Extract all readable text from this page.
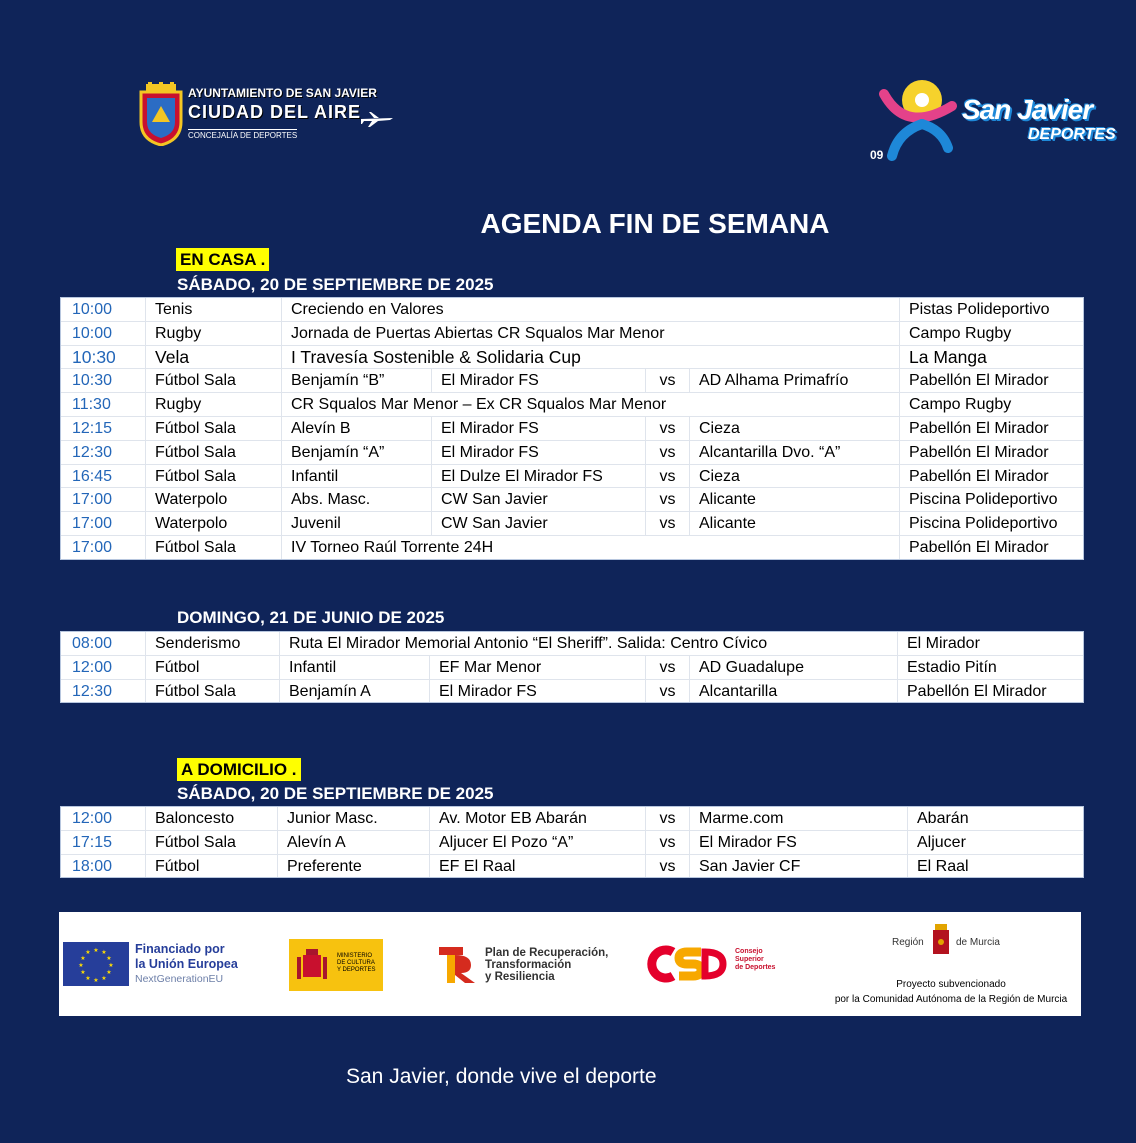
AYUNTAMIENTO DE SAN JAVIER
CIUDAD DEL AIRE
CONCEJALÍA DE DEPORTES
09
San Javier
DEPORTES
AGENDA FIN DE SEMANA
EN CASA .
SÁBADO, 20 DE SEPTIEMBRE DE 2025
10:00	Tenis	Creciendo en Valores	Pistas Polideportivo
10:00	Rugby	Jornada de Puertas Abiertas CR Squalos Mar Menor	Campo Rugby
10:30	Vela	I Travesía Sostenible & Solidaria Cup	La Manga
10:30	Fútbol Sala	Benjamín “B”	El Mirador FS	vs	AD Alhama Primafrío	Pabellón El Mirador
11:30	Rugby	CR Squalos Mar Menor – Ex CR Squalos Mar Menor	Campo Rugby
12:15	Fútbol Sala	Alevín B	El Mirador FS	vs	Cieza	Pabellón El Mirador
12:30	Fútbol Sala	Benjamín “A”	El Mirador FS	vs	Alcantarilla Dvo. “A”	Pabellón El Mirador
16:45	Fútbol Sala	Infantil	El Dulze El Mirador FS	vs	Cieza	Pabellón El Mirador
17:00	Waterpolo	Abs. Masc.	CW San Javier	vs	Alicante	Piscina Polideportivo
17:00	Waterpolo	Juvenil	CW San Javier	vs	Alicante	Piscina Polideportivo
17:00	Fútbol Sala	IV Torneo Raúl Torrente 24H	Pabellón El Mirador
DOMINGO, 21 DE JUNIO DE 2025
08:00	Senderismo	Ruta El Mirador Memorial Antonio “El Sheriff”. Salida: Centro Cívico	El Mirador
12:00	Fútbol	Infantil	EF Mar Menor	vs	AD Guadalupe	Estadio Pitín
12:30	Fútbol Sala	Benjamín A	El Mirador FS	vs	Alcantarilla	Pabellón El Mirador
A DOMICILIO .
SÁBADO, 20 DE SEPTIEMBRE DE 2025
12:00	Baloncesto	Junior Masc.	Av. Motor EB Abarán	vs	Marme.com	Abarán
17:15	Fútbol Sala	Alevín A	Aljucer El Pozo “A”	vs	El Mirador FS	Aljucer
18:00	Fútbol	Preferente	EF El Raal	vs	San Javier CF	El Raal
★ ★
★
★
★
★
★
★
★
★
★
★	Financiado por
la Unión Europea
NextGenerationEU
MINISTERIO
DE CULTURA
Y DEPORTES
Plan de Recuperación,
Transformación
y Resiliencia
Consejo
Superior
de Deportes
Región	de Murcia
Proyecto subvencionado
por la Comunidad Autónoma de la Región de Murcia
San Javier, donde vive el deporte
